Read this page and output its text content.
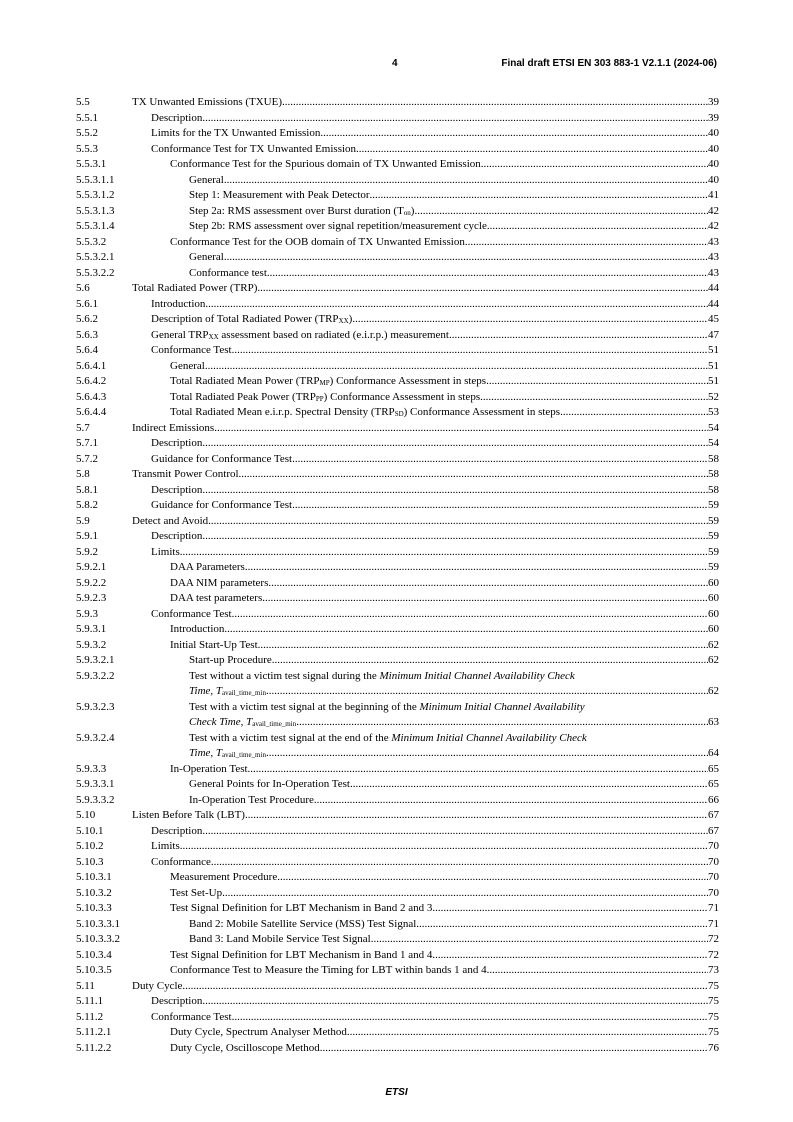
4	Final draft ETSI EN 303 883-1 V2.1.1 (2024-06)
5.5	TX Unwanted Emissions (TXUE) .....	39
5.5.1	Description .....	39
5.5.2	Limits for the TX Unwanted Emission .....	40
5.5.3	Conformance Test for TX Unwanted Emission .....	40
5.5.3.1	Conformance Test for the Spurious domain of TX Unwanted Emission .....	40
5.5.3.1.1	General .....	40
5.5.3.1.2	Step 1: Measurement with Peak Detector .....	41
5.5.3.1.3	Step 2a: RMS assessment over Burst duration $(T_{on})$ .....	42
5.5.3.1.4	Step 2b: RMS assessment over signal repetition/measurement cycle .....	42
5.5.3.2	Conformance Test for the OOB domain of TX Unwanted Emission .....	43
5.5.3.2.1	General .....	43
5.5.3.2.2	Conformance test .....	43
5.6	Total Radiated Power (TRP) .....	44
5.6.1	Introduction .....	44
5.6.2	Description of Total Radiated Power $(TRP_{XX})$ .....	45
5.6.3	General $TRP_{XX}$ assessment based on radiated (e.i.r.p.) measurement .....	47
5.6.4	Conformance Test .....	51
5.6.4.1	General .....	51
5.6.4.2	Total Radiated Mean Power $(TRP_{MP})$ Conformance Assessment in steps .....	51
5.6.4.3	Total Radiated Peak Power $(TRP_{PP})$ Conformance Assessment in steps .....	52
5.6.4.4	Total Radiated Mean e.i.r.p. Spectral Density $(TRP_{SD})$ Conformance Assessment in steps .....	53
5.7	Indirect Emissions .....	54
5.7.1	Description .....	54
5.7.2	Guidance for Conformance Test .....	58
5.8	Transmit Power Control .....	58
5.8.1	Description .....	58
5.8.2	Guidance for Conformance Test .....	59
5.9	Detect and Avoid .....	59
5.9.1	Description .....	59
5.9.2	Limits .....	59
5.9.2.1	DAA Parameters .....	59
5.9.2.2	DAA NIM parameters .....	60
5.9.2.3	DAA test parameters .....	60
5.9.3	Conformance Test .....	60
5.9.3.1	Introduction .....	60
5.9.3.2	Initial Start-Up Test .....	62
5.9.3.2.1	Start-up Procedure .....	62
5.9.3.2.2	Test without a victim test signal during the Minimum Initial Channel Availability Check
Time, $T_{avail\_time\_min}$ .....	62
5.9.3.2.3	Test with a victim test signal at the beginning of the Minimum Initial Channel Availability
Check Time, $T_{avail\_time\_min}$ .....	63
5.9.3.2.4	Test with a victim test signal at the end of the Minimum Initial Channel Availability Check
Time, $T_{avail\_time\_min}$ .....	64
5.9.3.3	In-Operation Test .....	65
5.9.3.3.1	General Points for In-Operation Test .....	65
5.9.3.3.2	In-Operation Test Procedure .....	66
5.10	Listen Before Talk (LBT) .....	67
5.10.1	Description .....	67
5.10.2	Limits .....	70
5.10.3	Conformance .....	70
5.10.3.1	Measurement Procedure .....	70
5.10.3.2	Test Set-Up .....	70
5.10.3.3	Test Signal Definition for LBT Mechanism in Band 2 and 3 .....	71
5.10.3.3.1	Band 2: Mobile Satellite Service (MSS) Test Signal .....	71
5.10.3.3.2	Band 3: Land Mobile Service Test Signal .....	72
5.10.3.4	Test Signal Definition for LBT Mechanism in Band 1 and 4 .....	72
5.10.3.5	Conformance Test to Measure the Timing for LBT within bands 1 and 4 .....	73
5.11	Duty Cycle .....	75
5.11.1	Description .....	75
5.11.2	Conformance Test .....	75
5.11.2.1	Duty Cycle, Spectrum Analyser Method .....	75
5.11.2.2	Duty Cycle, Oscilloscope Method .....	76
ETSI
